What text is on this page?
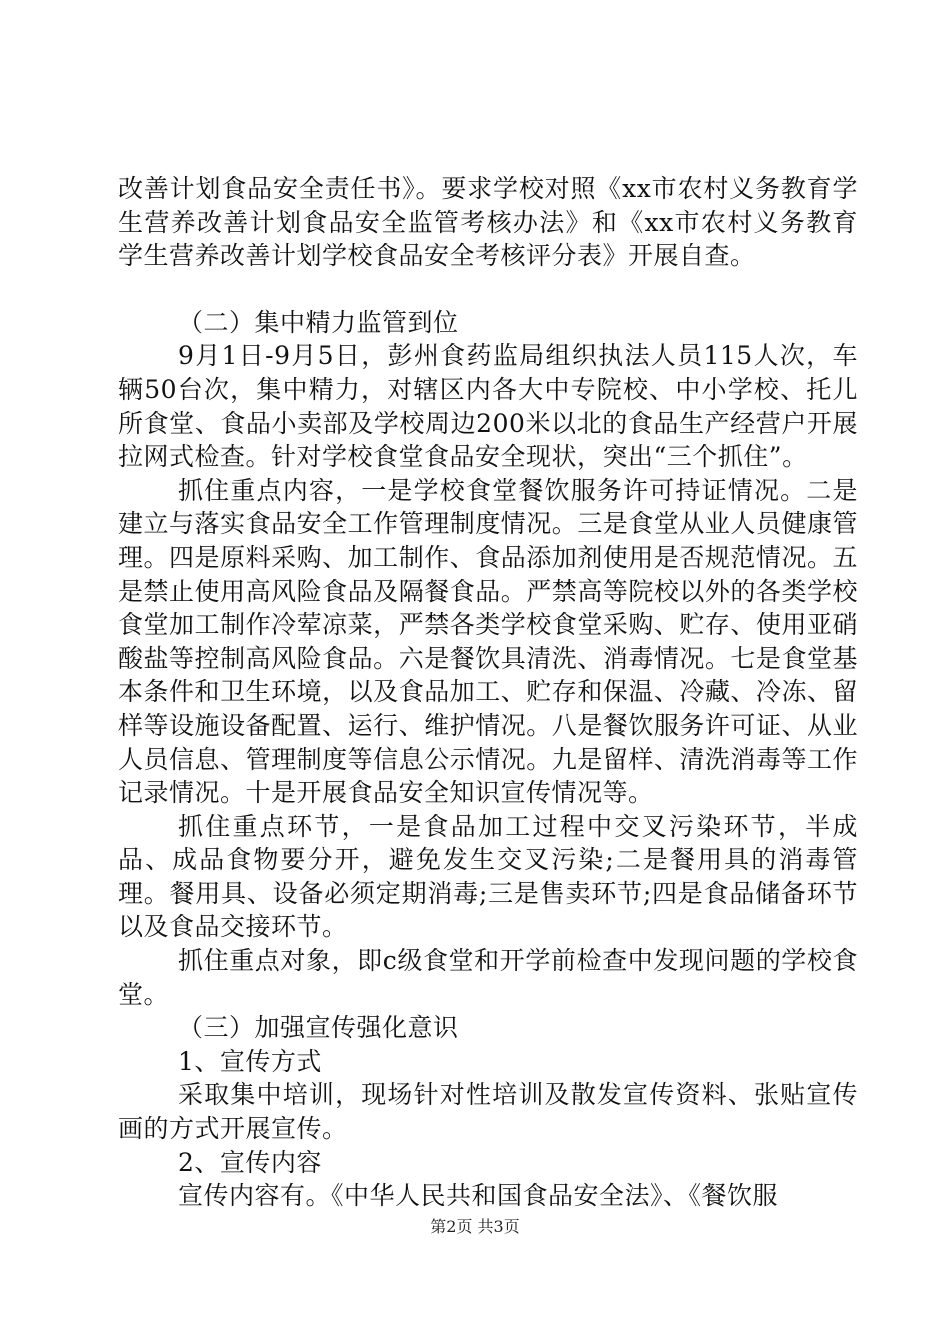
改善计划食品安全责任书》。要求学校对照《xx市农村义务教育学生营养改善计划食品安全监管考核办法》和《xx市农村义务教育学生营养改善计划学校食品安全考核评分表》开展自查。

（二）集中精力监管到位

9月1日-9月5日，彭州食药监局组织执法人员115人次，车辆50台次，集中精力，对辖区内各大中专院校、中小学校、托儿所食堂、食品小卖部及学校周边200米以北的食品生产经营户开展拉网式检查。针对学校食堂食品安全现状，突出“三个抓住”。

抓住重点内容，一是学校食堂餐饮服务许可持证情况。二是建立与落实食品安全工作管理制度情况。三是食堂从业人员健康管理。四是原料采购、加工制作、食品添加剂使用是否规范情况。五是禁止使用高风险食品及隔餐食品。严禁高等院校以外的各类学校食堂加工制作冷荤凉菜，严禁各类学校食堂采购、贮存、使用亚硝酸盐等控制高风险食品。六是餐饮具清洗、消毒情况。七是食堂基本条件和卫生环境，以及食品加工、贮存和保温、冷藏、冷冻、留样等设施设备配置、运行、维护情况。八是餐饮服务许可证、从业人员信息、管理制度等信息公示情况。九是留样、清洗消毒等工作记录情况。十是开展食品安全知识宣传情况等。

抓住重点环节，一是食品加工过程中交叉污染环节，半成品、成品食物要分开，避免发生交叉污染;二是餐用具的消毒管理。餐用具、设备必须定期消毒;三是售卖环节;四是食品储备环节以及食品交接环节。

抓住重点对象，即c级食堂和开学前检查中发现问题的学校食堂。

（三）加强宣传强化意识

1、宣传方式

采取集中培训，现场针对性培训及散发宣传资料、张贴宣传画的方式开展宣传。

2、宣传内容

宣传内容有。《中华人民共和国食品安全法》、《餐饮服

第2页 共3页
